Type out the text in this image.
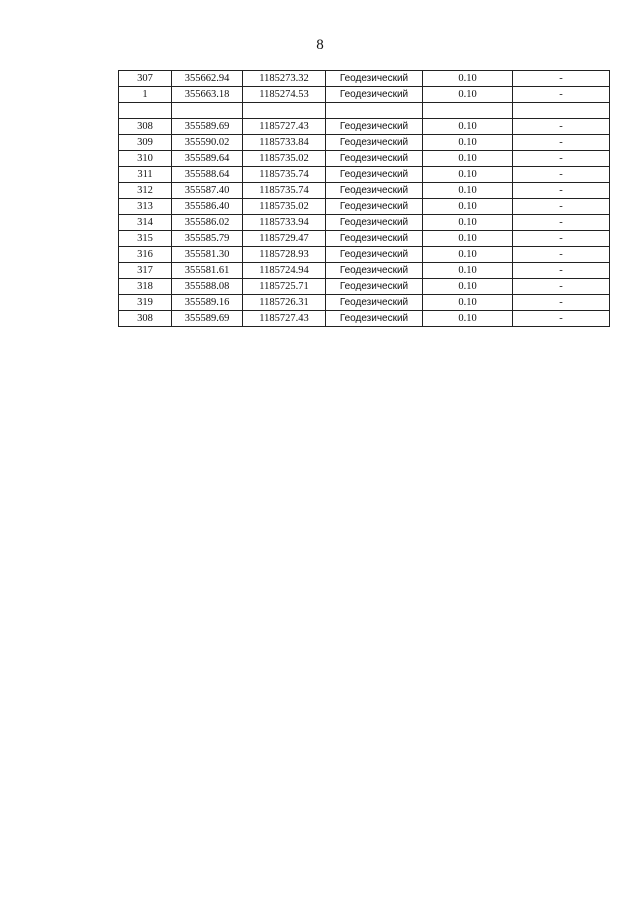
8
307	355662.94	1185273.32	Геодезический	0.10	-
1	355663.18	1185274.53	Геодезический	0.10	-

308	355589.69	1185727.43	Геодезический	0.10	-
309	355590.02	1185733.84	Геодезический	0.10	-
310	355589.64	1185735.02	Геодезический	0.10	-
311	355588.64	1185735.74	Геодезический	0.10	-
312	355587.40	1185735.74	Геодезический	0.10	-
313	355586.40	1185735.02	Геодезический	0.10	-
314	355586.02	1185733.94	Геодезический	0.10	-
315	355585.79	1185729.47	Геодезический	0.10	-
316	355581.30	1185728.93	Геодезический	0.10	-
317	355581.61	1185724.94	Геодезический	0.10	-
318	355588.08	1185725.71	Геодезический	0.10	-
319	355589.16	1185726.31	Геодезический	0.10	-
308	355589.69	1185727.43	Геодезический	0.10	-
